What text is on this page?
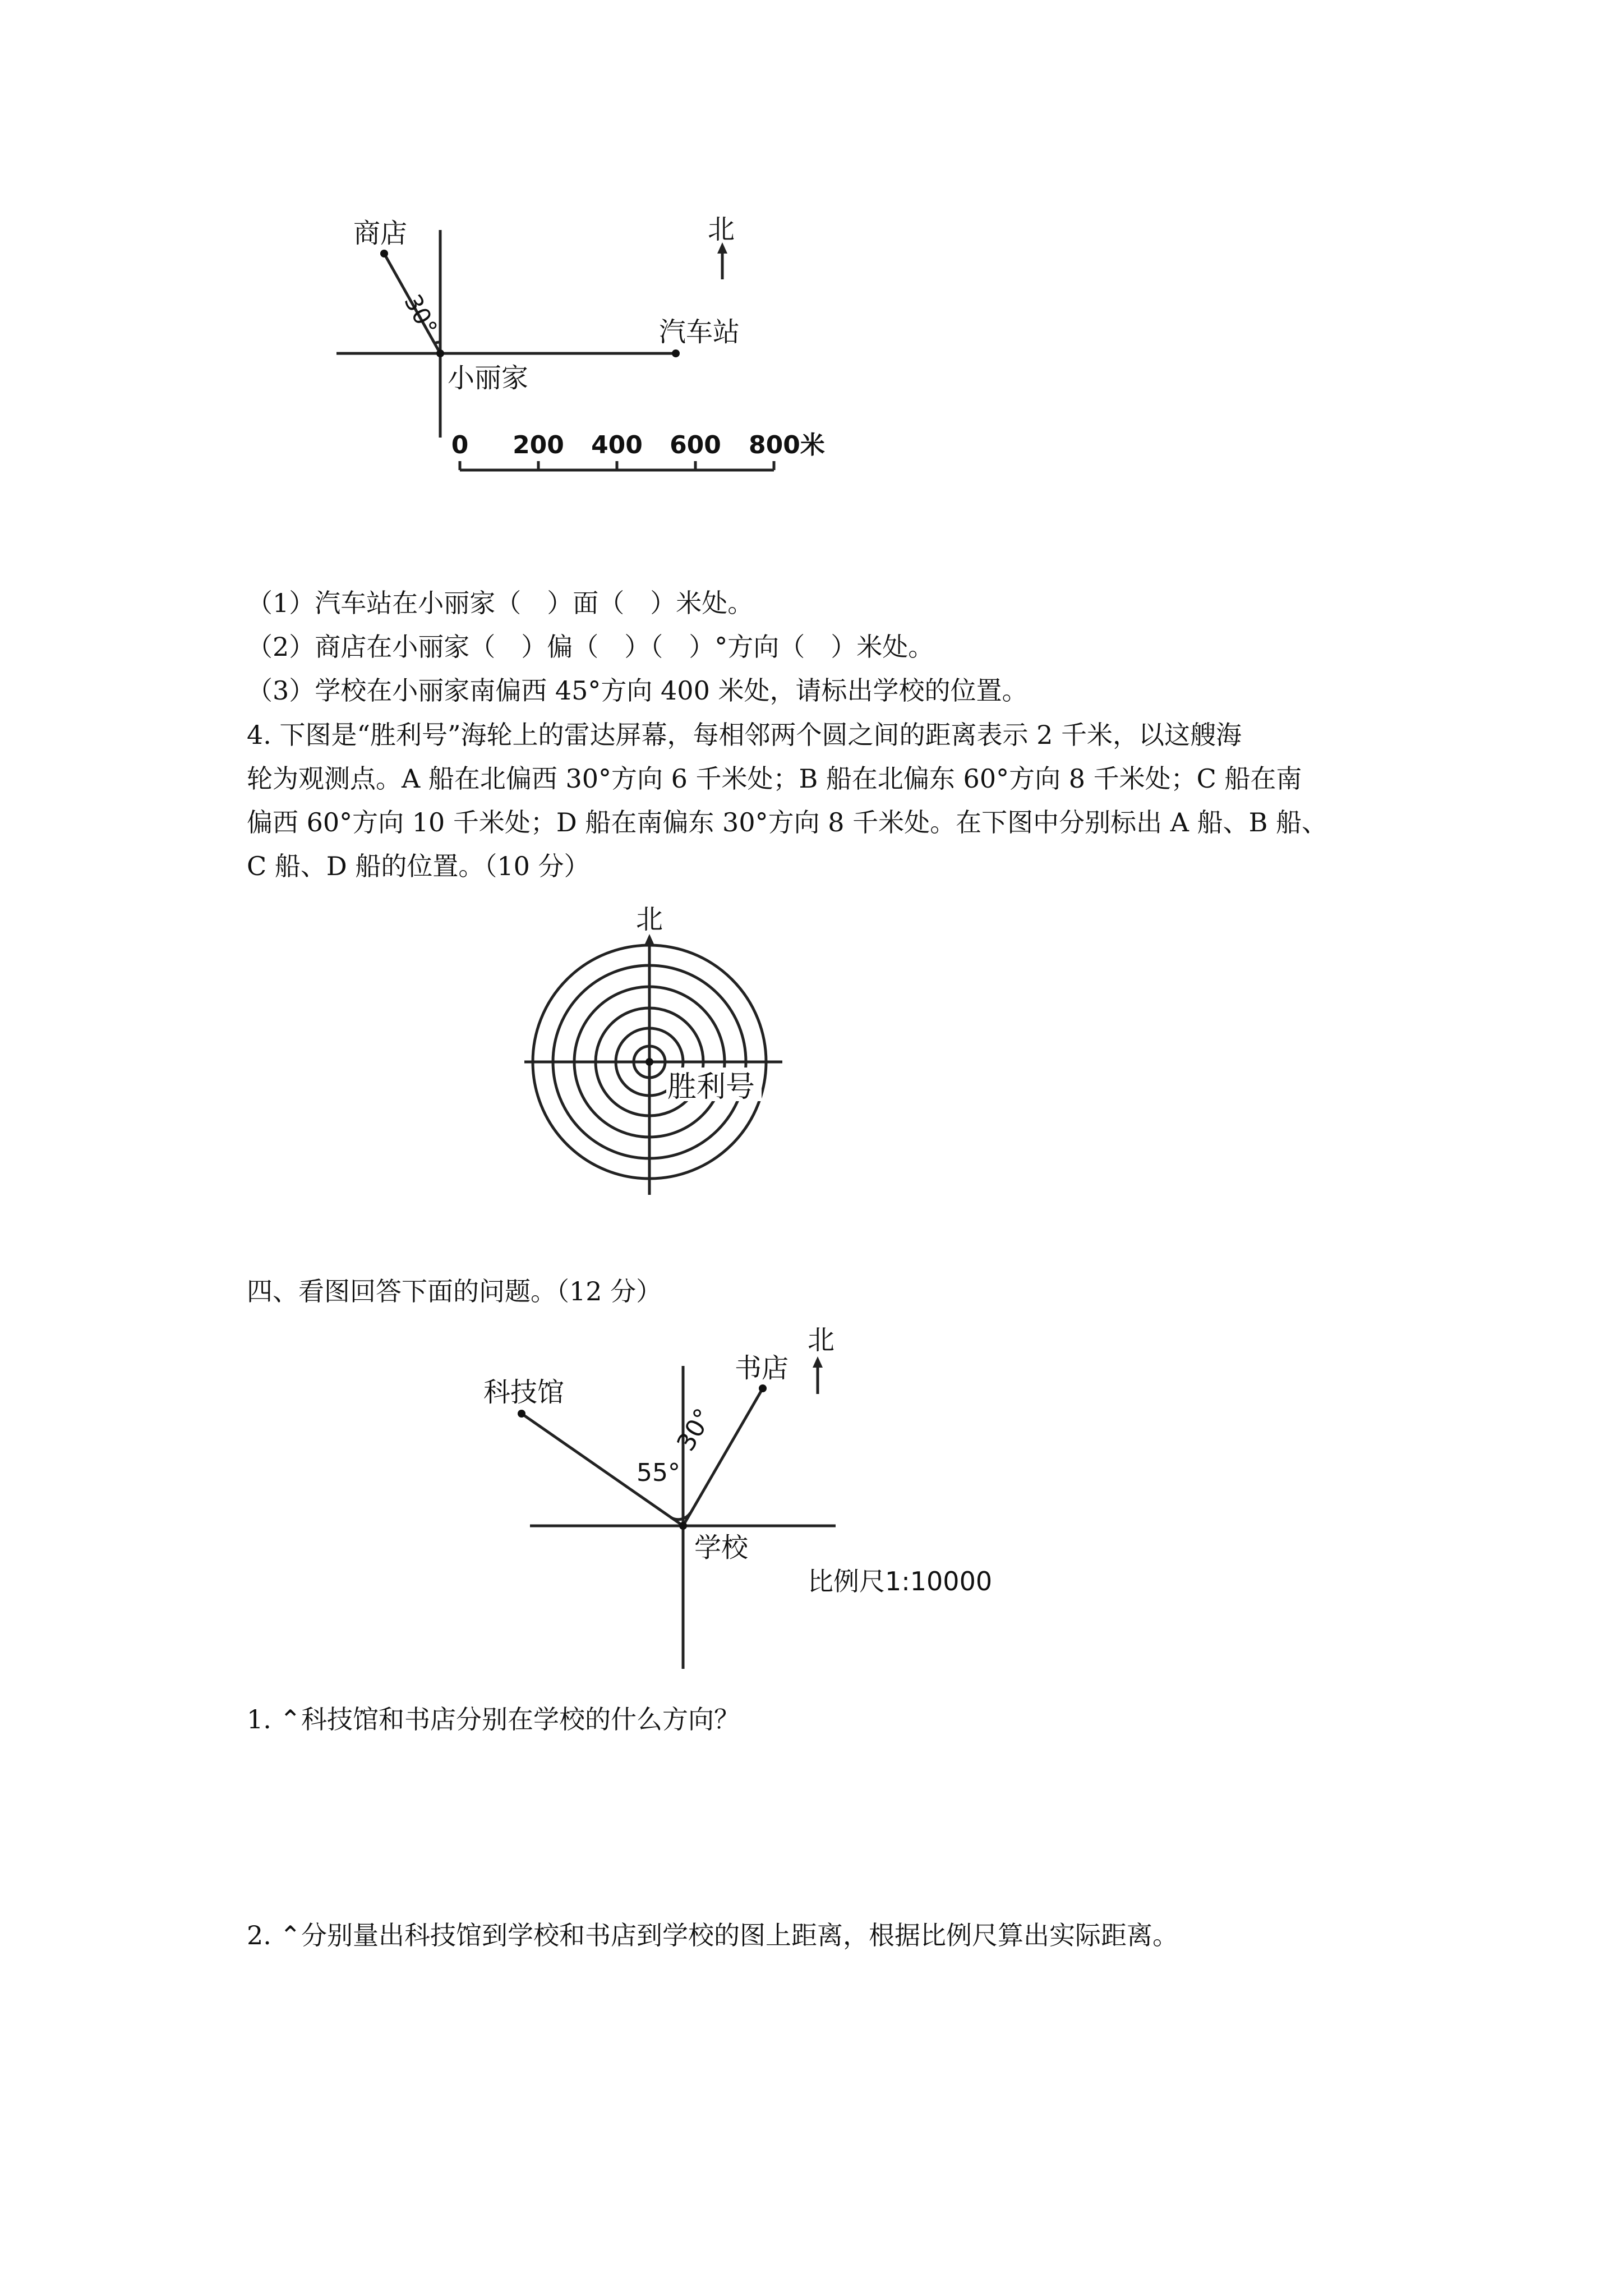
商店
30°
北
汽车站
小丽家
0 200 400 600 800米

（1）汽车站在小丽家（　）面（　）米处。

（2）商店在小丽家（　）偏（　）（　）°方向（　）米处。

（3）学校在小丽家南偏西 45°方向 400 米处，请标出学校的位置。

4. 下图是“胜利号”海轮上的雷达屏幕，每相邻两个圆之间的距离表示 2 千米，以这艘海

轮为观测点。A 船在北偏西 30°方向 6 千米处；B 船在北偏东 60°方向 8 千米处；C 船在南

偏西 60°方向 10 千米处；D 船在南偏东 30°方向 8 千米处。在下图中分别标出 A 船、B 船、

C 船、D 船的位置。（10 分）

北
胜利号

四、看图回答下面的问题。（12 分）

北
科技馆
书店
55°
30°
学校
比例尺1:10000

1. ⌃科技馆和书店分别在学校的什么方向？

2. ⌃分别量出科技馆到学校和书店到学校的图上距离，根据比例尺算出实际距离。
